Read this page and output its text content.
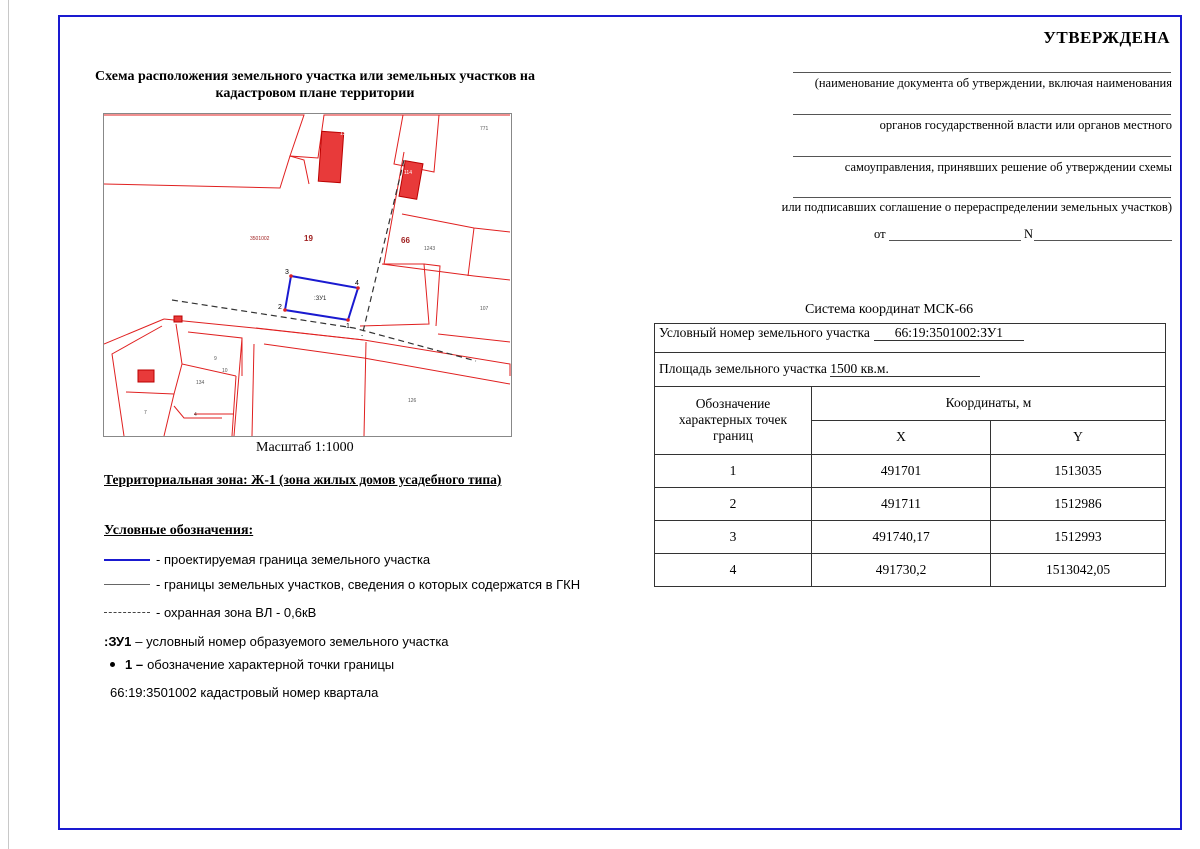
УТВЕРЖДЕНА
(наименование документа об утверждении, включая наименования
органов государственной власти или органов местного
самоуправления, принявших решение об утверждении схемы
или подписавших соглашение о перераспределении земельных участков)
от	N
Схема расположения земельного участка или земельных участков на кадастровом плане территории
3501002
1243
771
107
126
9
134
10
7	4
135
114
19	66
:ЗУ1
1
2
3
4
Масштаб 1:1000
Территориальная зона: Ж-1 (зона жилых домов усадебного типа)
Условные обозначения:
- проектируемая граница земельного участка
- границы земельных участков, сведения о которых содержатся в ГКН
- охранная зона ВЛ - 0,6кВ
:ЗУ1 – условный номер образуемого земельного участка
1 – обозначение характерной точки границы
66:19:3501002 кадастровый номер квартала
Система координат МСК-66
Условный номер земельного участка 66:19:3501002:ЗУ1		

Площадь земельного участка 1500 кв.м.		
Обозначение характерных точек границ	Координаты, м	
	X	Y
1	491701	1513035
2	491711	1512986
3	491740,17	1512993
4	491730,2	1513042,05
